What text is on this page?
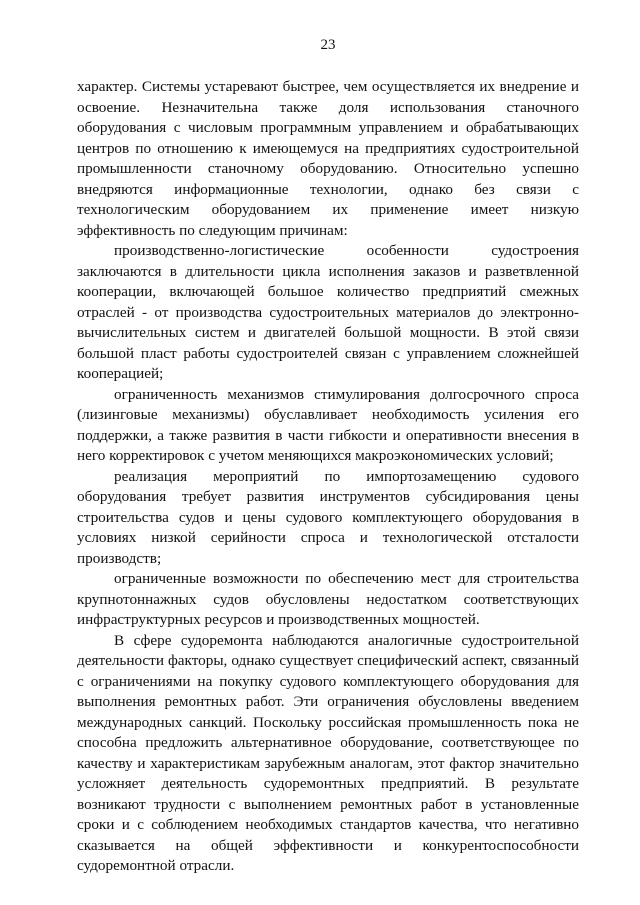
23

характер. Системы устаревают быстрее, чем осуществляется их внедрение и освоение. Незначительна также доля использования станочного оборудования с числовым программным управлением и обрабатывающих центров по отношению к имеющемуся на предприятиях судостроительной промышленности станочному оборудованию. Относительно успешно внедряются информационные технологии, однако без связи с технологическим оборудованием их применение имеет низкую эффективность по следующим причинам:

производственно-логистические особенности судостроения заключаются в длительности цикла исполнения заказов и разветвленной кооперации, включающей большое количество предприятий смежных отраслей - от производства судостроительных материалов до электронно-вычислительных систем и двигателей большой мощности. В этой связи большой пласт работы судостроителей связан с управлением сложнейшей кооперацией;

ограниченность механизмов стимулирования долгосрочного спроса (лизинговые механизмы) обуславливает необходимость усиления его поддержки, а также развития в части гибкости и оперативности внесения в него корректировок с учетом меняющихся макроэкономических условий;

реализация мероприятий по импортозамещению судового оборудования требует развития инструментов субсидирования цены строительства судов и цены судового комплектующего оборудования в условиях низкой серийности спроса и технологической отсталости производств;

ограниченные возможности по обеспечению мест для строительства крупнотоннажных судов обусловлены недостатком соответствующих инфраструктурных ресурсов и производственных мощностей.

В сфере судоремонта наблюдаются аналогичные судостроительной деятельности факторы, однако существует специфический аспект, связанный с ограничениями на покупку судового комплектующего оборудования для выполнения ремонтных работ. Эти ограничения обусловлены введением международных санкций. Поскольку российская промышленность пока не способна предложить альтернативное оборудование, соответствующее по качеству и характеристикам зарубежным аналогам, этот фактор значительно усложняет деятельность судоремонтных предприятий. В результате возникают трудности с выполнением ремонтных работ в установленные сроки и с соблюдением необходимых стандартов качества, что негативно сказывается на общей эффективности и конкурентоспособности судоремонтной отрасли.
